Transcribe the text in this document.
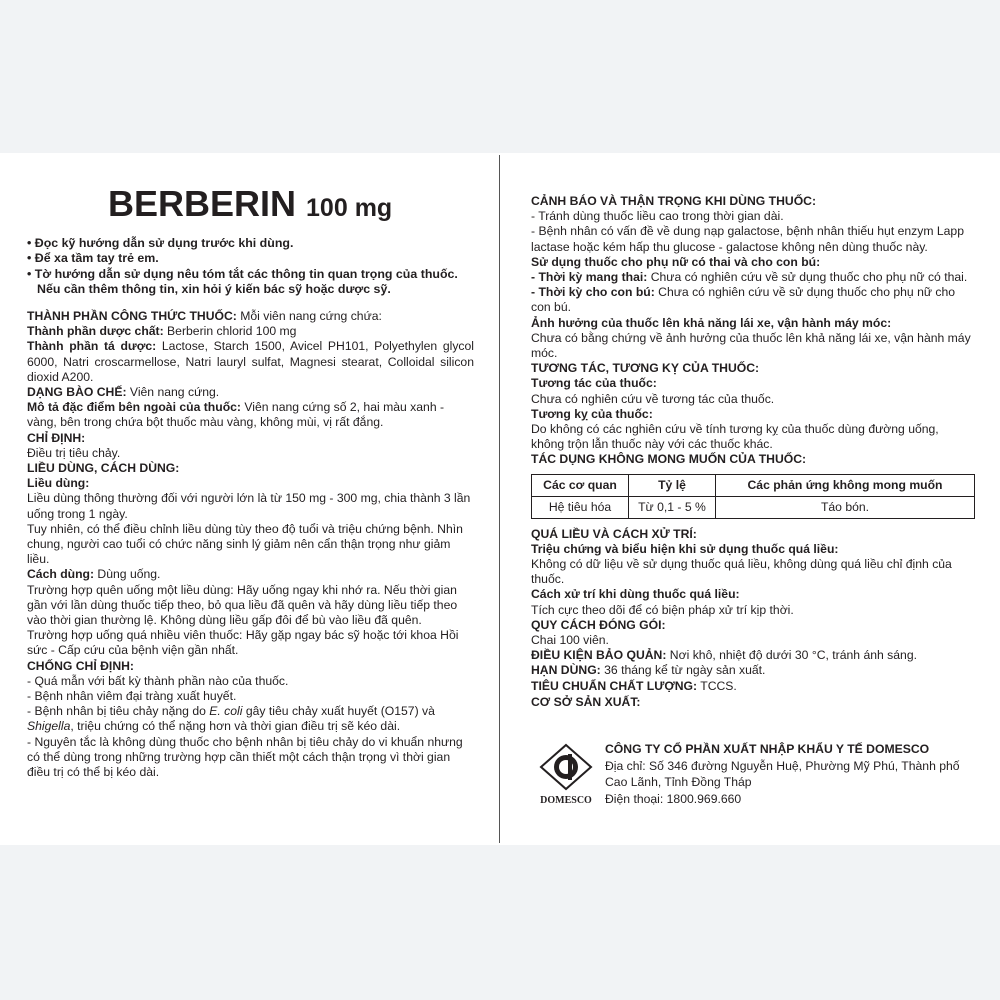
BERBERIN 100 mg
• Đọc kỹ hướng dẫn sử dụng trước khi dùng.
• Để xa tầm tay trẻ em.
• Tờ hướng dẫn sử dụng nêu tóm tắt các thông tin quan trọng của thuốc.
Nếu cần thêm thông tin, xin hỏi ý kiến bác sỹ hoặc dược sỹ.

THÀNH PHẦN CÔNG THỨC THUỐC: Mỗi viên nang cứng chứa:

Thành phần dược chất: Berberin chlorid 100 mg

Thành phần tá dược: Lactose, Starch 1500, Avicel PH101, Polyethylen glycol 6000, Natri croscarmellose, Natri lauryl sulfat, Magnesi stearat, Colloidal silicon dioxid A200.

DẠNG BÀO CHẾ: Viên nang cứng.

Mô tả đặc điểm bên ngoài của thuốc: Viên nang cứng số 2, hai màu xanh - vàng, bên trong chứa bột thuốc màu vàng, không mùi, vị rất đắng.

CHỈ ĐỊNH:

Điều trị tiêu chảy.

LIỀU DÙNG, CÁCH DÙNG:

Liều dùng:

Liều dùng thông thường đối với người lớn là từ 150 mg - 300 mg, chia thành 3 lần uống trong 1 ngày.

Tuy nhiên, có thể điều chỉnh liều dùng tùy theo độ tuổi và triệu chứng bệnh. Nhìn chung, người cao tuổi có chức năng sinh lý giảm nên cẩn thận trọng như giảm liều.

Cách dùng: Dùng uống.

Trường hợp quên uống một liều dùng: Hãy uống ngay khi nhớ ra. Nếu thời gian gần với lần dùng thuốc tiếp theo, bỏ qua liều đã quên và hãy dùng liều tiếp theo vào thời gian thường lệ. Không dùng liều gấp đôi để bù vào liều đã quên.

Trường hợp uống quá nhiều viên thuốc: Hãy gặp ngay bác sỹ hoặc tới khoa Hồi sức - Cấp cứu của bệnh viện gần nhất.

CHỐNG CHỈ ĐỊNH:

- Quá mẫn với bất kỳ thành phần nào của thuốc.

- Bệnh nhân viêm đại tràng xuất huyết.

- Bệnh nhân bị tiêu chảy nặng do E. coli gây tiêu chảy xuất huyết (O157) và Shigella, triệu chứng có thể nặng hơn và thời gian điều trị sẽ kéo dài.

- Nguyên tắc là không dùng thuốc cho bệnh nhân bị tiêu chảy do vi khuẩn nhưng có thể dùng trong những trường hợp cần thiết một cách thận trọng vì thời gian điều trị có thể bị kéo dài.

CẢNH BÁO VÀ THẬN TRỌNG KHI DÙNG THUỐC:

- Tránh dùng thuốc liều cao trong thời gian dài.

- Bệnh nhân có vấn đề về dung nạp galactose, bệnh nhân thiếu hụt enzym Lapp lactase hoặc kém hấp thu glucose - galactose không nên dùng thuốc này.

Sử dụng thuốc cho phụ nữ có thai và cho con bú:

- Thời kỳ mang thai: Chưa có nghiên cứu về sử dụng thuốc cho phụ nữ có thai.

- Thời kỳ cho con bú: Chưa có nghiên cứu về sử dụng thuốc cho phụ nữ cho con bú.

Ảnh hưởng của thuốc lên khả năng lái xe, vận hành máy móc:

Chưa có bằng chứng về ảnh hưởng của thuốc lên khả năng lái xe, vận hành máy móc.

TƯƠNG TÁC, TƯƠNG KỴ CỦA THUỐC:

Tương tác của thuốc:

Chưa có nghiên cứu về tương tác của thuốc.

Tương kỵ của thuốc:

Do không có các nghiên cứu về tính tương kỵ của thuốc dùng đường uống, không trộn lẫn thuốc này với các thuốc khác.

TÁC DỤNG KHÔNG MONG MUỐN CỦA THUỐC:

Các cơ quan	Tỷ lệ	Các phản ứng không mong muốn
Hệ tiêu hóa	Từ 0,1 - 5 %	Táo bón.

QUÁ LIỀU VÀ CÁCH XỬ TRÍ:

Triệu chứng và biểu hiện khi sử dụng thuốc quá liều:

Không có dữ liệu về sử dụng thuốc quá liều, không dùng quá liều chỉ định của thuốc.

Cách xử trí khi dùng thuốc quá liều:

Tích cực theo dõi để có biện pháp xử trí kịp thời.

QUY CÁCH ĐÓNG GÓI:

Chai 100 viên.

ĐIỀU KIỆN BẢO QUẢN: Nơi khô, nhiệt độ dưới 30 °C, tránh ánh sáng.

HẠN DÙNG: 36 tháng kể từ ngày sản xuất.

TIÊU CHUẨN CHẤT LƯỢNG: TCCS.

CƠ SỞ SẢN XUẤT:

DOMESCO
CÔNG TY CỔ PHẦN XUẤT NHẬP KHẨU Y TẾ DOMESCO
Địa chỉ: Số 346 đường Nguyễn Huệ, Phường Mỹ Phú, Thành phố Cao Lãnh, Tỉnh Đồng Tháp
Điện thoại: 1800.969.660
